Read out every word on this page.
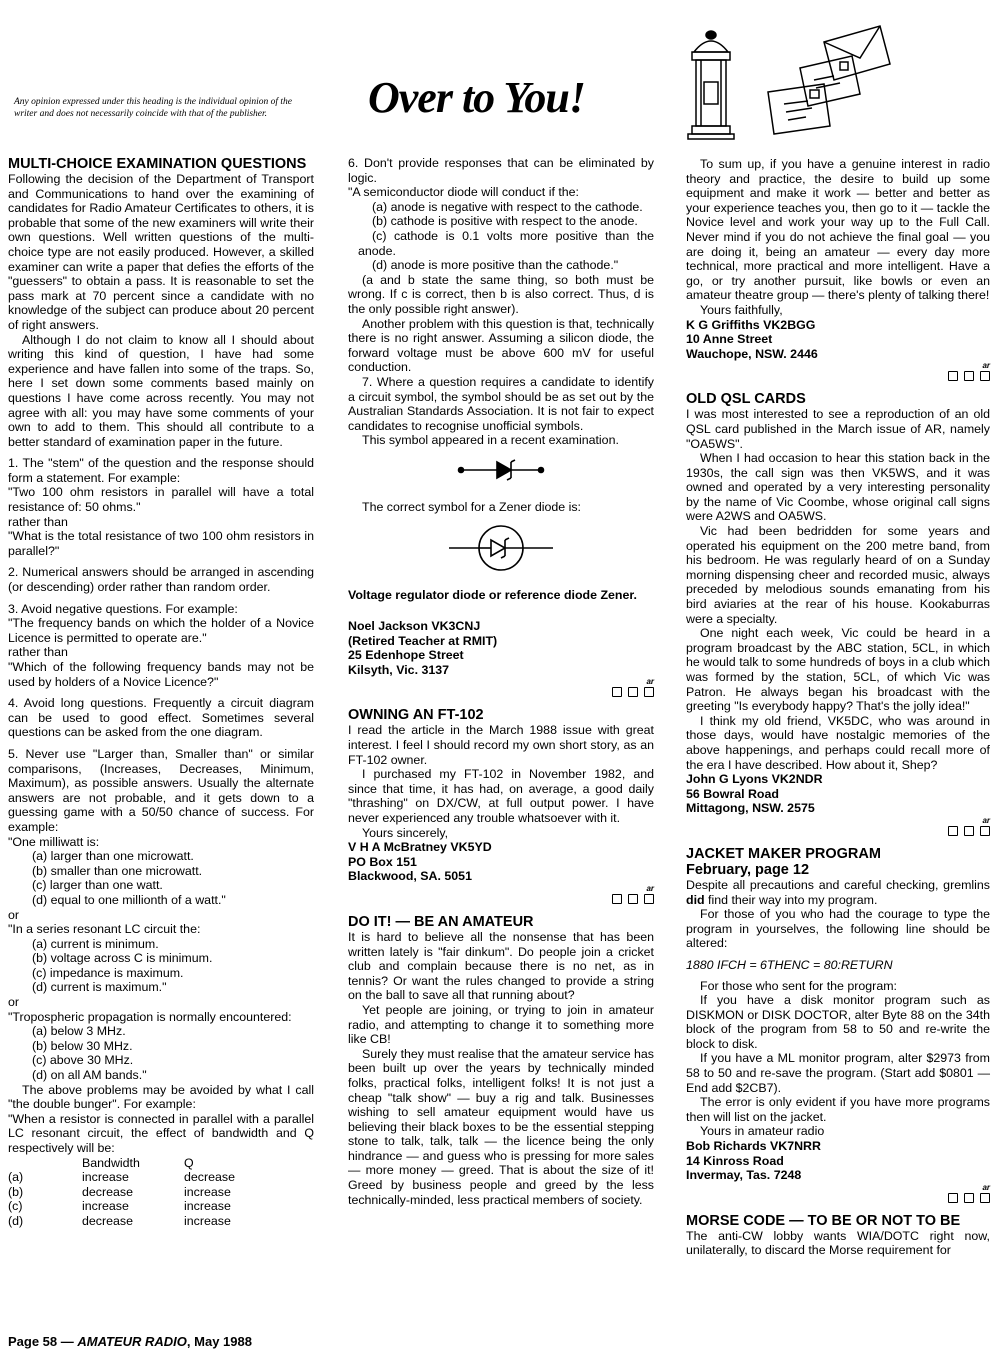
Any opinion expressed under this heading is the individual opinion of the writer and does not necessarily coincide with that of the publisher.	Over to You!

MULTI-CHOICE EXAMINATION QUESTIONS

Following the decision of the Department of Transport and Communications to hand over the examining of candidates for Radio Amateur Certificates to others, it is probable that some of the new examiners will write their own questions. Well written questions of the multi-choice type are not easily produced. However, a skilled examiner can write a paper that defies the efforts of the "guessers" to obtain a pass. It is reasonable to set the pass mark at 70 percent since a candidate with no knowledge of the subject can produce about 20 percent of right answers.

Although I do not claim to know all I should about writing this kind of question, I have had some experience and have fallen into some of the traps. So, here I set down some comments based mainly on questions I have come across recently. You may not agree with all: you may have some comments of your own to add to them. This should all contribute to a better standard of examination paper in the future.

1. The "stem" of the question and the response should form a statement. For example:

"Two 100 ohm resistors in parallel will have a total resistance of: 50 ohms."

rather than

"What is the total resistance of two 100 ohm resistors in parallel?"

2. Numerical answers should be arranged in ascending (or descending) order rather than random order.

3. Avoid negative questions. For example:

"The frequency bands on which the holder of a Novice Licence is permitted to operate are."

rather than

"Which of the following frequency bands may not be used by holders of a Novice Licence?"

4. Avoid long questions. Frequently a circuit diagram can be used to good effect. Sometimes several questions can be asked from the one diagram.

5. Never use "Larger than, Smaller than" or similar comparisons, (Increases, Decreases, Minimum, Maximum), as possible answers. Usually the alternate answers are not probable, and it gets down to a guessing game with a 50/50 chance of success. For example:

"One milliwatt is:

(a) larger than one microwatt.

(b) smaller than one microwatt.

(c) larger than one watt.

(d) equal to one millionth of a watt."

or

"In a series resonant LC circuit the:

(a) current is minimum.

(b) voltage across C is minimum.

(c) impedance is maximum.

(d) current is maximum."

or

"Tropospheric propagation is normally encountered:

(a) below 3 MHz.

(b) below 30 MHz.

(c) above 30 MHz.

(d) on all AM bands."

The above problems may be avoided by what I call "the double bunger". For example:

"When a resistor is connected in parallel with a parallel LC resonant circuit, the effect of bandwidth and Q respectively will be:

	Bandwidth	Q
(a)	increase	decrease
(b)	decrease	increase
(c)	increase	increase
(d)	decrease	increase

6. Don't provide responses that can be eliminated by logic.

"A semiconductor diode will conduct if the:

(a) anode is negative with respect to the cathode.

(b) cathode is positive with respect to the anode.

(c) cathode is 0.1 volts more positive than the anode.

(d) anode is more positive than the cathode."

(a and b state the same thing, so both must be wrong. If c is correct, then b is also correct. Thus, d is the only possible right answer).

Another problem with this question is that, technically there is no right answer. Assuming a silicon diode, the forward voltage must be above 600 mV for useful conduction.

7. Where a question requires a candidate to identify a circuit symbol, the symbol should be as set out by the Australian Standards Association. It is not fair to expect candidates to recognise unofficial symbols.

This symbol appeared in a recent examination.

The correct symbol for a Zener diode is:

Voltage regulator diode or reference diode Zener.

Noel Jackson VK3CNJ

(Retired Teacher at RMIT)

25 Edenhope Street

Kilsyth, Vic. 3137

ar

OWNING AN FT-102

I read the article in the March 1988 issue with great interest. I feel I should record my own short story, as an FT-102 owner.

I purchased my FT-102 in November 1982, and since that time, it has had, on average, a good daily "thrashing" on DX/CW, at full output power. I have never experienced any trouble whatsoever with it.

Yours sincerely,

V H A McBratney VK5YD

PO Box 151

Blackwood, SA. 5051

ar

DO IT! — BE AN AMATEUR

It is hard to believe all the nonsense that has been written lately is "fair dinkum". Do people join a cricket club and complain because there is no net, as in tennis? Or want the rules changed to provide a string on the ball to save all that running about?

Yet people are joining, or trying to join in amateur radio, and attempting to change it to something more like CB!

Surely they must realise that the amateur service has been built up over the years by technically minded folks, practical folks, intelligent folks! It is not just a cheap "talk show" — buy a rig and talk. Businesses wishing to sell amateur equipment would have us believing their black boxes to be the essential stepping stone to talk, talk, talk — the licence being the only hindrance — and guess who is pressing for more sales — more money — greed. That is about the size of it! Greed by business people and greed by the less technically-minded, less practical members of society.

To sum up, if you have a genuine interest in radio theory and practice, the desire to build up some equipment and make it work — better and better as your experience teaches you, then go to it — tackle the Novice level and work your way up to the Full Call. Never mind if you do not achieve the final goal — you are doing it, being an amateur — every day more technical, more practical and more intelligent. Have a go, or try another pursuit, like bowls or even an amateur theatre group — there's plenty of talking there!

Yours faithfully,

K G Griffiths VK2BGG

10 Anne Street

Wauchope, NSW. 2446

ar

OLD QSL CARDS

I was most interested to see a reproduction of an old QSL card published in the March issue of AR, namely "OA5WS".

When I had occasion to hear this station back in the 1930s, the call sign was then VK5WS, and it was owned and operated by a very interesting personality by the name of Vic Coombe, whose original call signs were A2WS and OA5WS.

Vic had been bedridden for some years and operated his equipment on the 200 metre band, from his bedroom. He was regularly heard of on a Sunday morning dispensing cheer and recorded music, always preceded by melodious sounds emanating from his bird aviaries at the rear of his house. Kookaburras were a specialty.

One night each week, Vic could be heard in a program broadcast by the ABC station, 5CL, in which he would talk to some hundreds of boys in a club which was formed by the station, 5CL, of which Vic was Patron. He always began his broadcast with the greeting "Is everybody happy? That's the jolly idea!"

I think my old friend, VK5DC, who was around in those days, would have nostalgic memories of the above happenings, and perhaps could recall more of the era I have described. How about it, Shep?

John G Lyons VK2NDR

56 Bowral Road

Mittagong, NSW. 2575

ar

JACKET MAKER PROGRAM

February, page 12

Despite all precautions and careful checking, gremlins did find their way into my program.

For those of you who had the courage to type the program in yourselves, the following line should be altered:

1880 IFCH = 6THENC = 80:RETURN

For those who sent for the program:

If you have a disk monitor program such as DISKMON or DISK DOCTOR, alter Byte 88 on the 34th block of the program from 58 to 50 and re-write the block to disk.

If you have a ML monitor program, alter $2973 from 58 to 50 and re-save the program. (Start add $0801 — End add $2CB7).

The error is only evident if you have more programs then will list on the jacket.

Yours in amateur radio

Bob Richards VK7NRR

14 Kinross Road

Invermay, Tas. 7248

ar

MORSE CODE — TO BE OR NOT TO BE

The anti-CW lobby wants WIA/DOTC right now, unilaterally, to discard the Morse requirement for

Page 58 — AMATEUR RADIO, May 1988
